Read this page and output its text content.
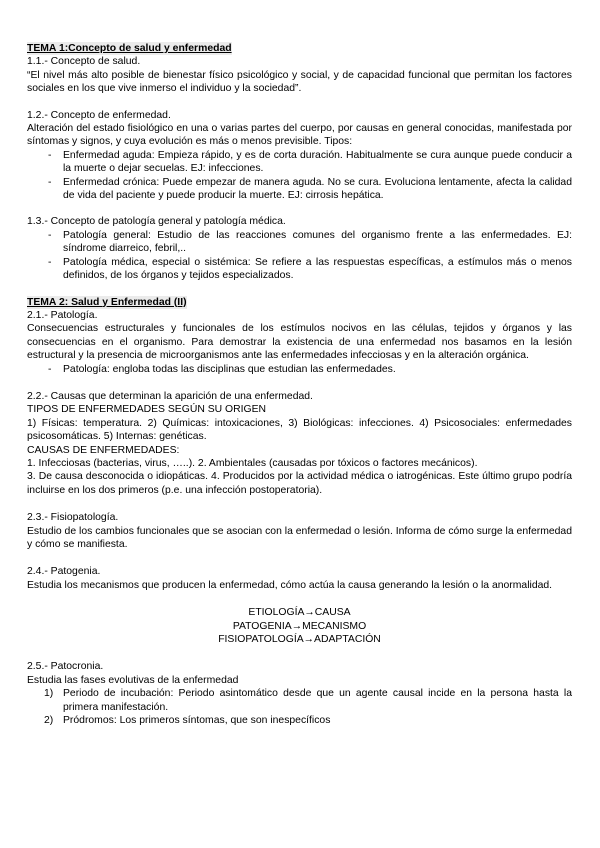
TEMA 1:Concepto de salud y enfermedad

1.1.- Concepto de salud.

“El nivel más alto posible de bienestar físico psicológico y social, y de capacidad funcional que permitan los factores sociales en los que vive inmerso el individuo y la sociedad”.

1.2.- Concepto de enfermedad.

Alteración del estado fisiológico en una o varias partes del cuerpo, por causas en general conocidas, manifestada por síntomas y signos, y cuya evolución es más o menos previsible. Tipos:

- Enfermedad aguda: Empieza rápido, y es de corta duración. Habitualmente se cura aunque puede conducir a la muerte o dejar secuelas. EJ: infecciones.
- Enfermedad crónica: Puede empezar de manera aguda. No se cura. Evoluciona lentamente, afecta la calidad de vida del paciente y puede producir la muerte. EJ: cirrosis hepática.

1.3.- Concepto de patología general y patología médica.

- Patología general: Estudio de las reacciones comunes del organismo frente a las enfermedades. EJ: síndrome diarreico, febril,..
- Patología médica, especial o sistémica: Se refiere a las respuestas específicas, a estímulos más o menos definidos, de los órganos y tejidos especializados.
TEMA 2: Salud y Enfermedad (II)

2.1.- Patología.

Consecuencias estructurales y funcionales de los estímulos nocivos en las células, tejidos y órganos y las consecuencias en el organismo. Para demostrar la existencia de una enfermedad nos basamos en la lesión estructural y la presencia de microorganismos ante las enfermedades infecciosas y en la alteración orgánica.

- Patología: engloba todas las disciplinas que estudian las enfermedades.

2.2.- Causas que determinan la aparición de una enfermedad.

TIPOS DE ENFERMEDADES SEGÚN SU ORIGEN

1) Físicas: temperatura. 2) Químicas: intoxicaciones, 3) Biológicas: infecciones. 4) Psicosociales: enfermedades psicosomáticas. 5) Internas: genéticas.

CAUSAS DE ENFERMEDADES:

1. Infecciosas (bacterias, virus, …..). 2. Ambientales (causadas por tóxicos o factores mecánicos).

3. De causa desconocida o idiopáticas. 4. Producidos por la actividad médica o iatrogénicas. Este último grupo podría incluirse en los dos primeros (p.e. una infección postoperatoria).

2.3.- Fisiopatología.

Estudio de los cambios funcionales que se asocian con la enfermedad o lesión. Informa de cómo surge la enfermedad y cómo se manifiesta.

2.4.- Patogenia.

Estudia los mecanismos que producen la enfermedad, cómo actúa la causa generando la lesión o la anormalidad.

ETIOLOGÍA→CAUSA

PATOGENIA→MECANISMO

FISIOPATOLOGÍA→ADAPTACIÓN

2.5.- Patocronia.

Estudia las fases evolutivas de la enfermedad

1) Periodo de incubación: Periodo asintomático desde que un agente causal incide en la persona hasta la primera manifestación.
2) Pródromos: Los primeros síntomas, que son inespecíficos
